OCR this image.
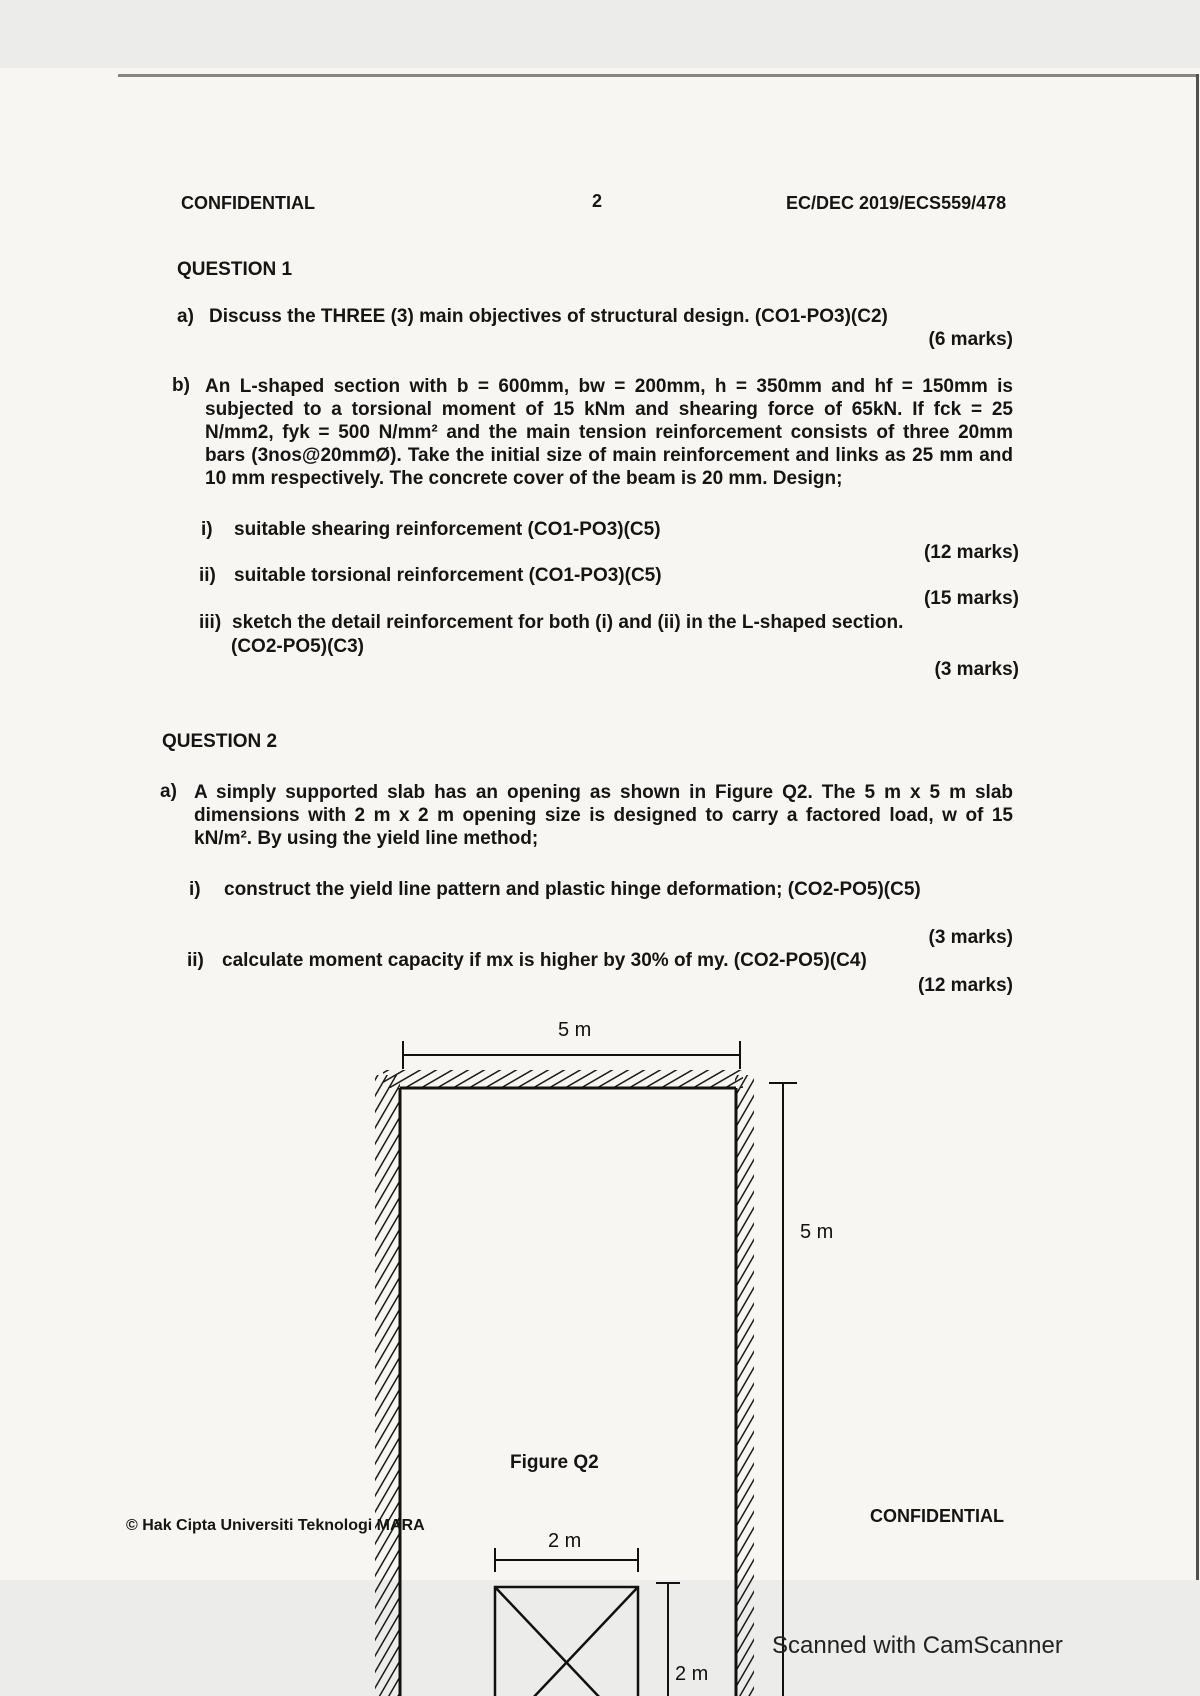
CONFIDENTIAL	2	EC/DEC 2019/ECS559/478
QUESTION 1
a) Discuss the THREE (3) main objectives of structural design. (CO1-PO3)(C2)
(6 marks)
b) An L-shaped section with b = 600mm, bw = 200mm, h = 350mm and hf = 150mm is subjected to a torsional moment of 15 kNm and shearing force of 65kN. If fck = 25 N/mm2, fyk = 500 N/mm² and the main tension reinforcement consists of three 20mm bars (3nos@20mmØ). Take the initial size of main reinforcement and links as 25 mm and 10 mm respectively. The concrete cover of the beam is 20 mm. Design;
i) suitable shearing reinforcement (CO1-PO3)(C5)
(12 marks)
ii) suitable torsional reinforcement (CO1-PO3)(C5)
(15 marks)
iii) sketch the detail reinforcement for both (i) and (ii) in the L-shaped section.
(CO2-PO5)(C3)
(3 marks)
QUESTION 2
a) A simply supported slab has an opening as shown in Figure Q2. The 5 m x 5 m slab dimensions with 2 m x 2 m opening size is designed to carry a factored load, w of 15 kN/m². By using the yield line method;
i) construct the yield line pattern and plastic hinge deformation; (CO2-PO5)(C5)
(3 marks)
ii) calculate moment capacity if mx is higher by 30% of my. (CO2-PO5)(C4)
(12 marks)
5 m
2 m
2 m
5 m
Figure Q2
© Hak Cipta Universiti Teknologi MARA	CONFIDENTIAL
Scanned with CamScanner
